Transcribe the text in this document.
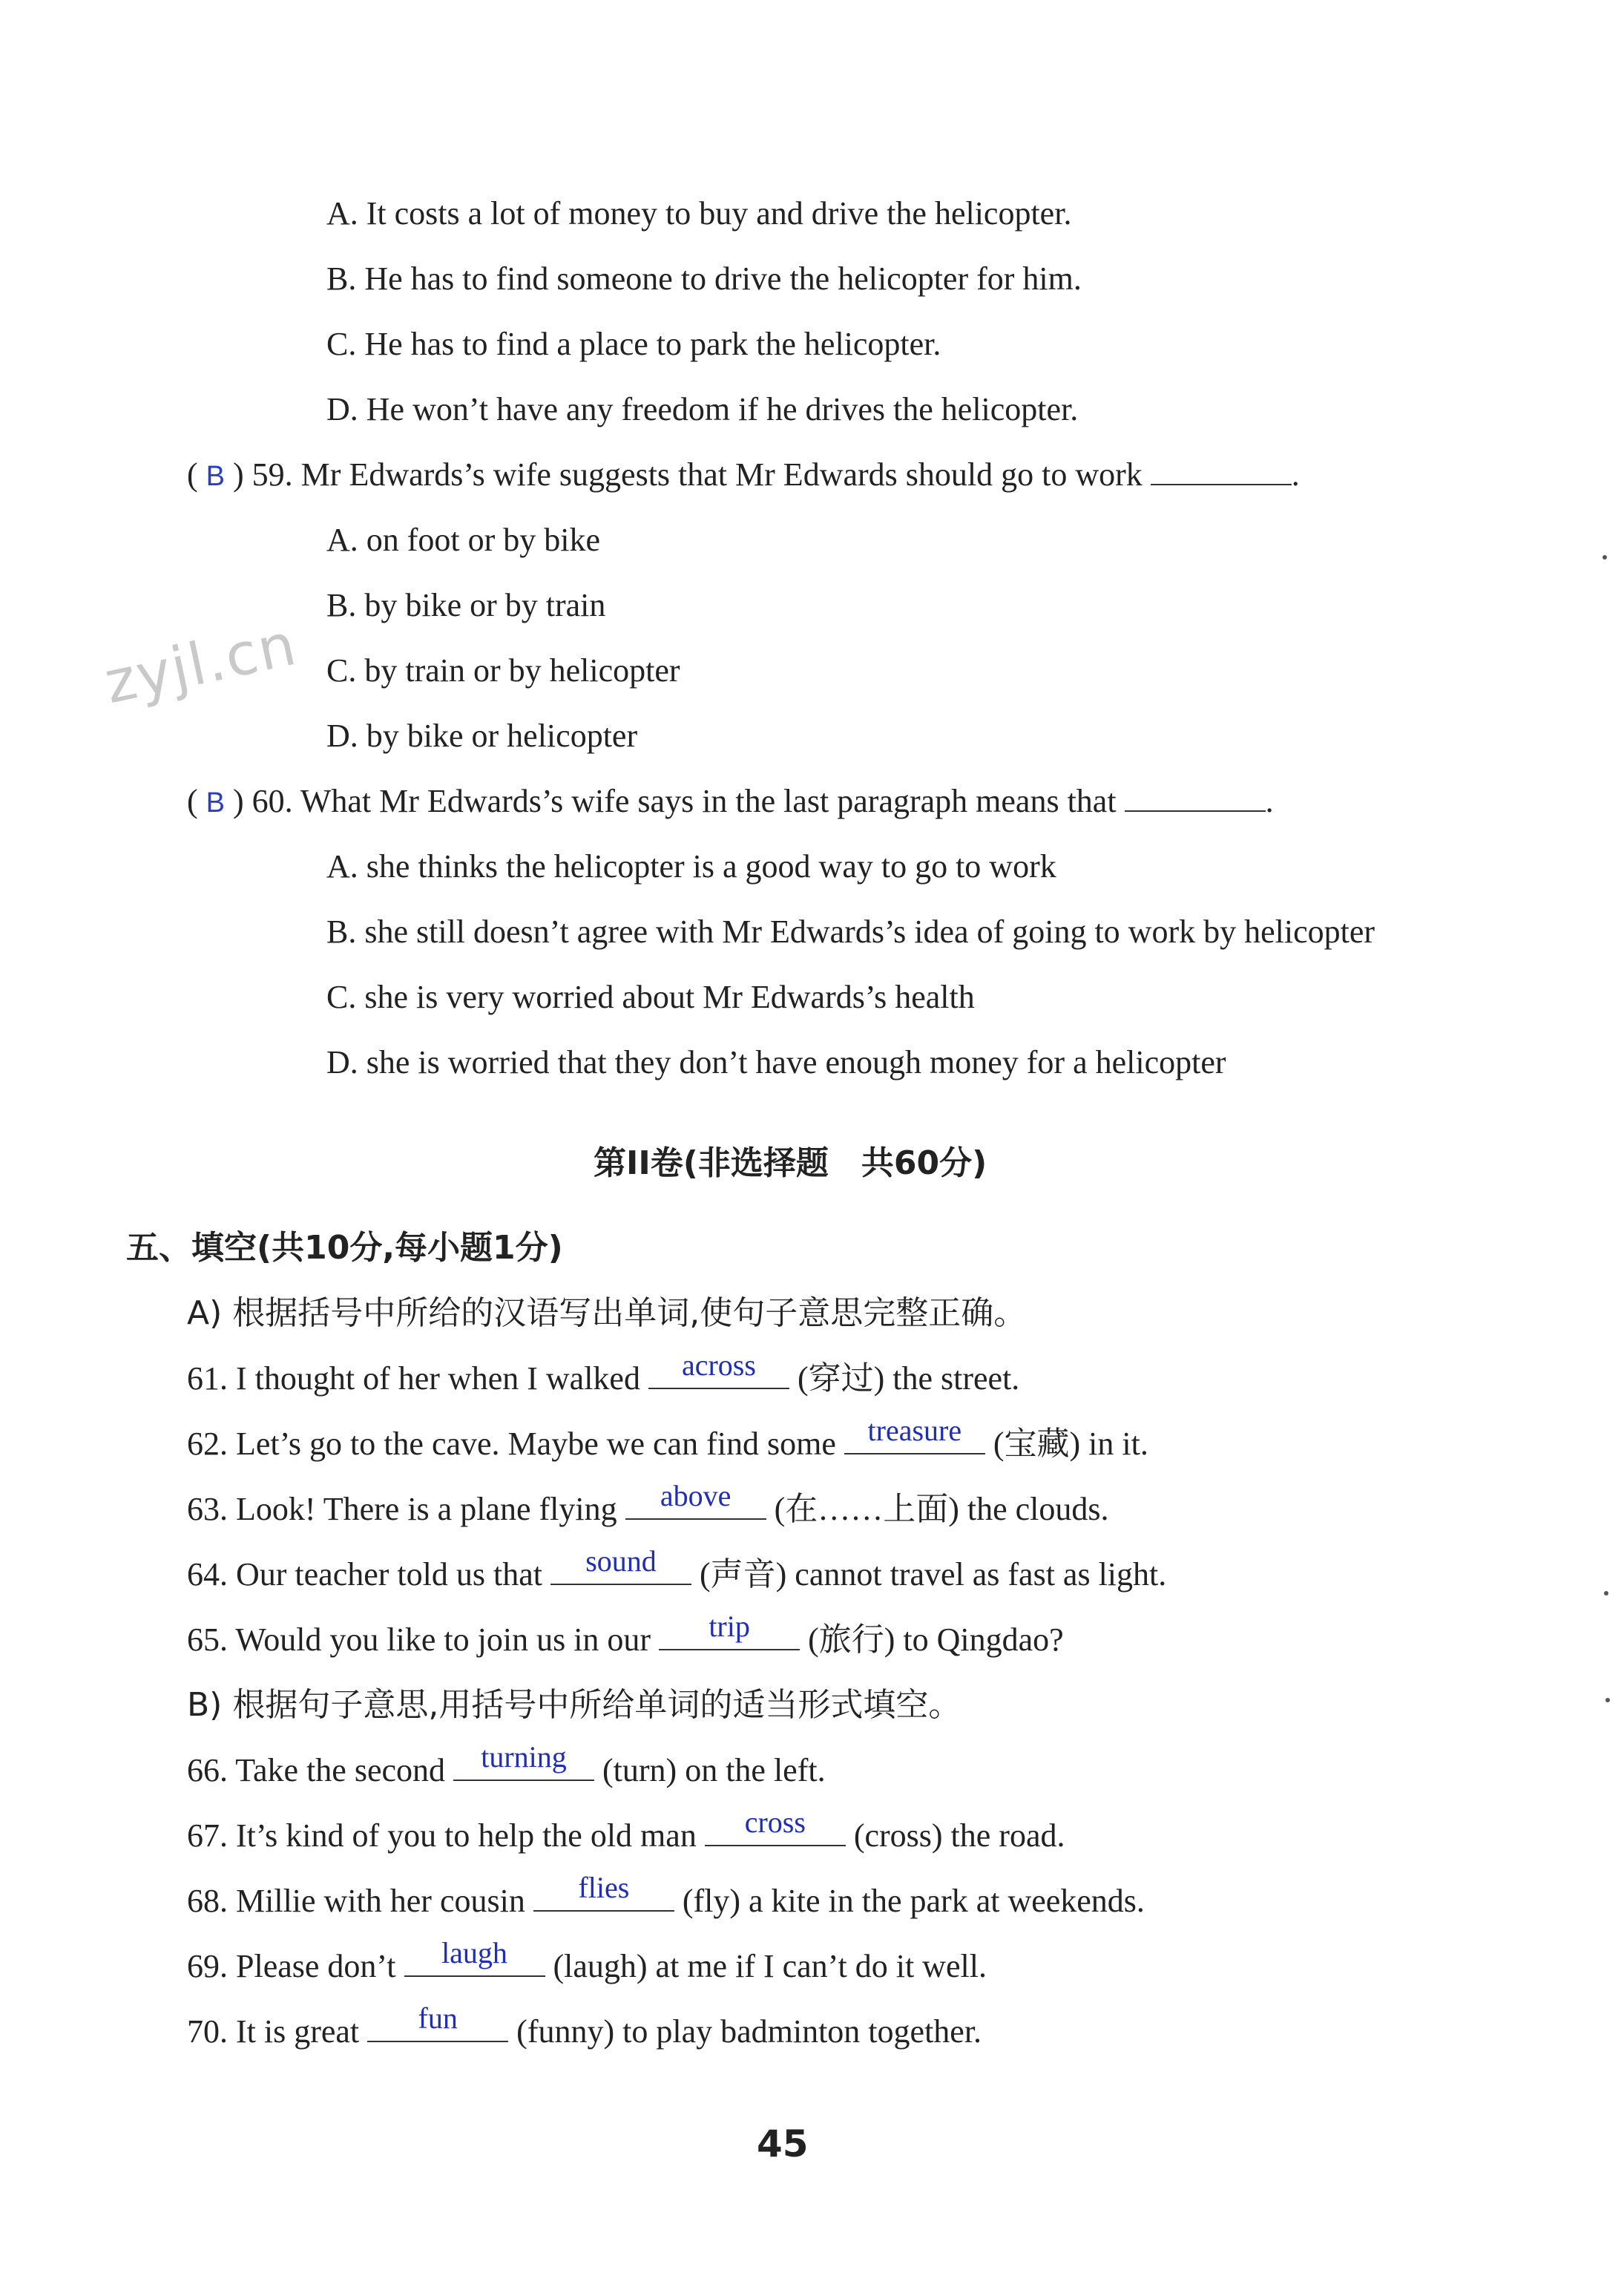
zyjl.cn
A. It costs a lot of money to buy and drive the helicopter.
B. He has to find someone to drive the helicopter for him.
C. He has to find a place to park the helicopter.
D. He won’t have any freedom if he drives the helicopter.
( B ) 59. Mr Edwards’s wife suggests that Mr Edwards should go to work	.
A. on foot or by bike
B. by bike or by train
C. by train or by helicopter
D. by bike or helicopter
( B ) 60. What Mr Edwards’s wife says in the last paragraph means that	.
A. she thinks the helicopter is a good way to go to work
B. she still doesn’t agree with Mr Edwards’s idea of going to work by helicopter
C. she is very worried about Mr Edwards’s health
D. she is worried that they don’t have enough money for a helicopter
第II卷(非选择题　共60分)
五、填空(共10分,每小题1分)
A) 根据括号中所给的汉语写出单词,使句子意思完整正确。
61. I thought of her when I walked	across	(穿过) the street.
62. Let’s go to the cave. Maybe we can find some	treasure (宝藏) in it.
63. Look! There is a plane flying	above	(在……上面) the clouds.
64. Our teacher told us that	sound	(声音) cannot travel as fast as light.
65. Would you like to join us in our	trip	(旅行) to Qingdao?
B) 根据句子意思,用括号中所给单词的适当形式填空。
66. Take the second	turning	(turn) on the left.
67. It’s kind of you to help the old man	cross	(cross) the road.
68. Millie with her cousin	flies	(fly) a kite in the park at weekends.
69. Please don’t	laugh	(laugh) at me if I can’t do it well.
70. It is great	fun	(funny) to play badminton together.
45
